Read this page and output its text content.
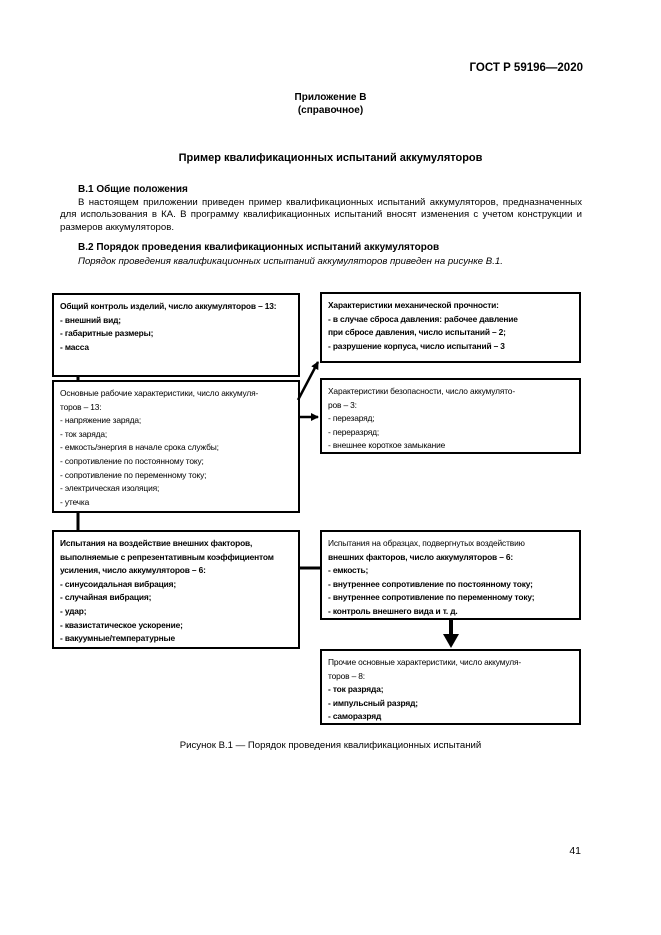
ГОСТ Р 59196—2020
Приложение В
(справочное)
Пример квалификационных испытаний аккумуляторов
В.1 Общие положения

В настоящем приложении приведен пример квалификационных испытаний аккумуляторов, предназначенных для использования в КА. В программу квалификационных испытаний вносят изменения с учетом конструкции и размеров аккумуляторов.

В.2 Порядок проведения квалификационных испытаний аккумуляторов

Порядок проведения квалификационных испытаний аккумуляторов приведен на рисунке В.1.

Общий контроль изделий, число аккумуляторов – 13:
- внешний вид;
- габаритные размеры;
- масса
Основные рабочие характеристики, число аккумуля-
торов – 13:
- напряжение заряда;
- ток заряда;
- емкость/энергия в начале срока службы;
- сопротивление по постоянному току;
- сопротивление по переменному току;
- электрическая изоляция;
- утечка
Испытания на воздействие внешних факторов,
выполняемые с репрезентативным коэффициентом
усиления, число аккумуляторов – 6:
- синусоидальная вибрация;
- случайная вибрация;
- удар;
- квазистатическое ускорение;
- вакуумные/температурные
Характеристики механической прочности:
- в случае сброса давления: рабочее давление
при сбросе давления, число испытаний – 2;
- разрушение корпуса, число испытаний – 3
Характеристики безопасности, число аккумулято-
ров – 3:
- перезаряд;
- переразряд;
- внешнее короткое замыкание
Испытания на образцах, подвергнутых воздействию
внешних факторов, число аккумуляторов – 6:
- емкость;
- внутреннее сопротивление по постоянному току;
- внутреннее сопротивление по переменному току;
- контроль внешнего вида и т. д.
Прочие основные характеристики, число аккумуля-
торов – 8:
- ток разряда;
- импульсный разряд;
- саморазряд
Рисунок В.1 — Порядок проведения квалификационных испытаний
41
